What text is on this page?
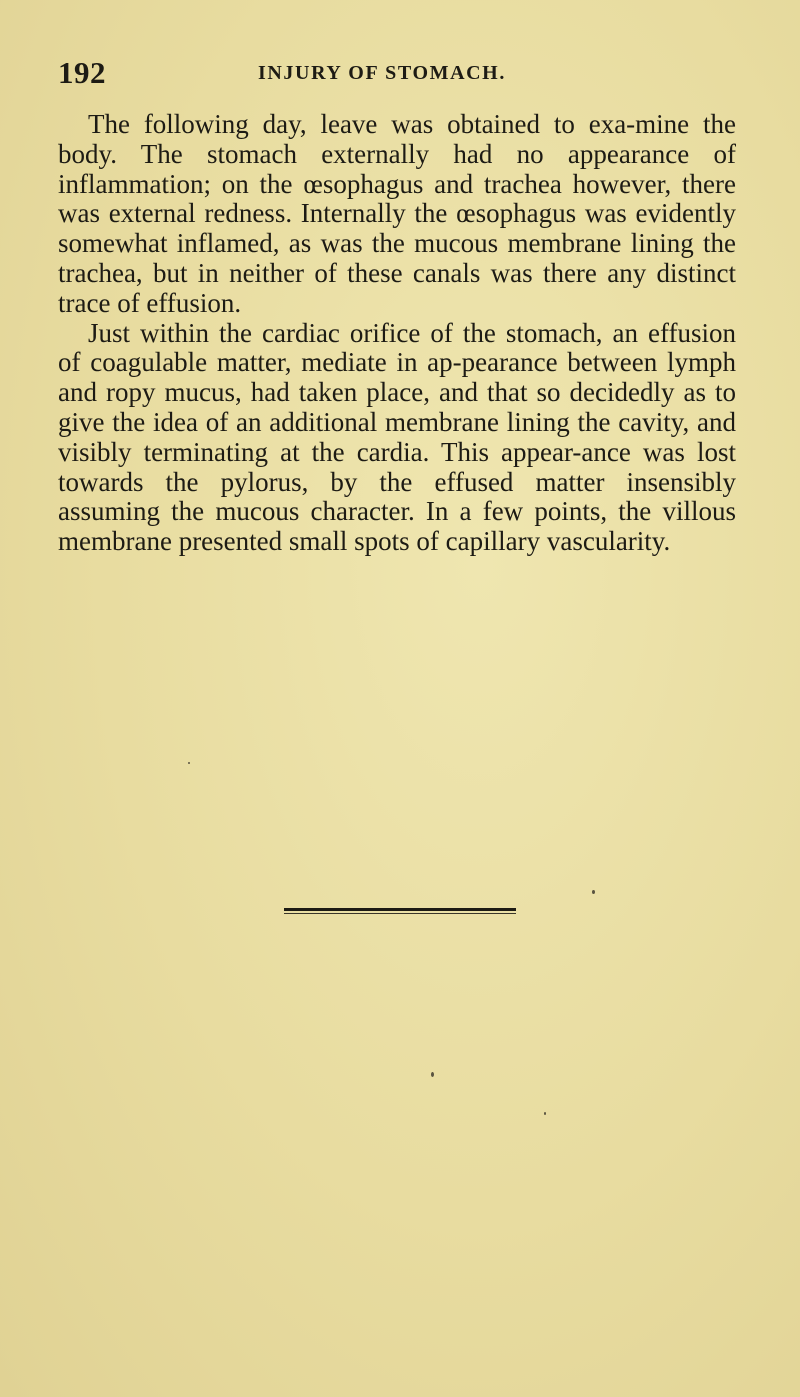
192	INJURY OF STOMACH.

The following day, leave was obtained to exa-mine the body. The stomach externally had no appearance of inflammation; on the œsophagus and trachea however, there was external redness. Internally the œsophagus was evidently somewhat inflamed, as was the mucous membrane lining the trachea, but in neither of these canals was there any distinct trace of effusion.

Just within the cardiac orifice of the stomach, an effusion of coagulable matter, mediate in ap-pearance between lymph and ropy mucus, had taken place, and that so decidedly as to give the idea of an additional membrane lining the cavity, and visibly terminating at the cardia. This appear-ance was lost towards the pylorus, by the effused matter insensibly assuming the mucous character. In a few points, the villous membrane presented small spots of capillary vascularity.
